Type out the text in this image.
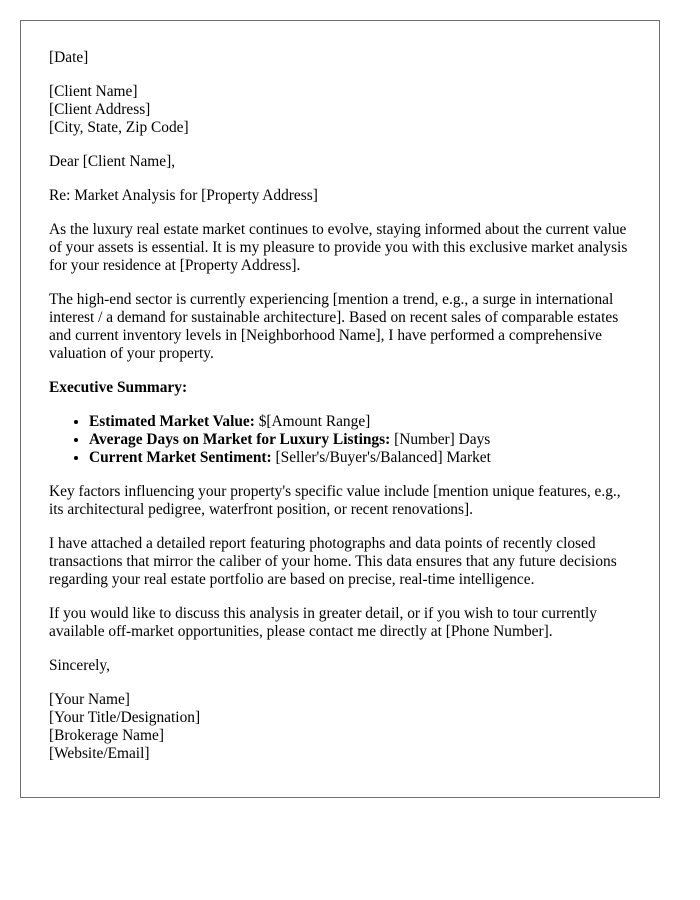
[Date]

[Client Name]
[Client Address]
[City, State, Zip Code]

Dear [Client Name],

Re: Market Analysis for [Property Address]

As the luxury real estate market continues to evolve, staying informed about the current value of your assets is essential. It is my pleasure to provide you with this exclusive market analysis for your residence at [Property Address].

The high-end sector is currently experiencing [mention a trend, e.g., a surge in international interest / a demand for sustainable architecture]. Based on recent sales of comparable estates and current inventory levels in [Neighborhood Name], I have performed a comprehensive valuation of your property.

Executive Summary:

• Estimated Market Value: $[Amount Range]
• Average Days on Market for Luxury Listings: [Number] Days
• Current Market Sentiment: [Seller's/Buyer's/Balanced] Market

Key factors influencing your property's specific value include [mention unique features, e.g., its architectural pedigree, waterfront position, or recent renovations].

I have attached a detailed report featuring photographs and data points of recently closed transactions that mirror the caliber of your home. This data ensures that any future decisions regarding your real estate portfolio are based on precise, real-time intelligence.

If you would like to discuss this analysis in greater detail, or if you wish to tour currently available off-market opportunities, please contact me directly at [Phone Number].

Sincerely,

[Your Name]
[Your Title/Designation]
[Brokerage Name]
[Website/Email]
